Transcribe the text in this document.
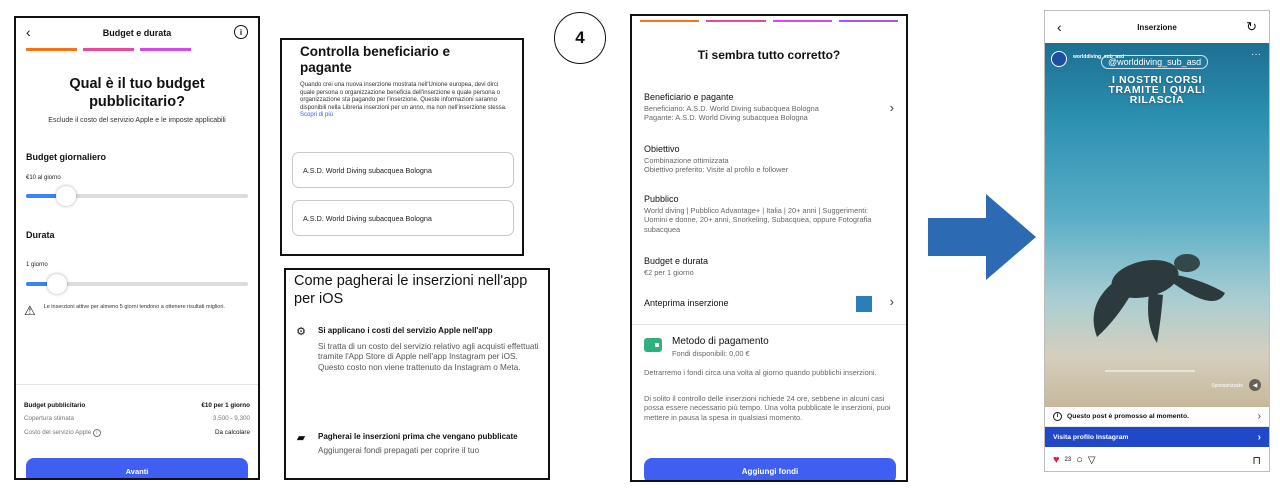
‹	Budget e durata	i
Qual è il tuo budget pubblicitario?
Esclude il costo del servizio Apple e le imposte applicabili
Budget giornaliero
€10 al giorno
Durata
1 giorno
⚠ Le inserzioni attive per almeno 5 giorni tendono a ottenere risultati migliori.
Budget pubblicitario	€10 per 1 giorno
Copertura stimata	3,500 - 9,300
Costo del servizio Apple i	Da calcolare
Avanti
Controlla beneficiario e pagante
Quando crei una nuova inserzione mostrata nell'Unione europea, devi dirci quale persona o organizzazione beneficia dell'inserzione e quale persona o organizzazione sta pagando per l'inserzione. Queste informazioni saranno disponibili nella Libreria inserzioni per un anno, ma non nell'inserzione stessa. Scopri di più
A.S.D. World Diving subacquea Bologna
A.S.D. World Diving subacquea Bologna
Come pagherai le inserzioni nell'app per iOS
⚙ Si applicano i costi del servizio Apple nell'app
Si tratta di un costo del servizio relativo agli acquisti effettuati tramite l'App Store di Apple nell'app Instagram per iOS. Questo costo non viene trattenuto da Instagram o Meta.
▰	Pagherai le inserzioni prima che vengano pubblicate
Aggiungerai fondi prepagati per coprire il tuo
4
Ti sembra tutto corretto?
Beneficiario e pagante
Beneficiario: A.S.D. World Diving subacquea Bologna
Pagante: A.S.D. World Diving subacquea Bologna
›
Obiettivo
Combinazione ottimizzata
Obiettivo preferito: Visite al profilo e follower
Pubblico
World diving | Pubblico Advantage+ | Italia | 20+ anni | Suggerimenti: Uomini e donne, 20+ anni, Snorkeling, Subacquea, oppure Fotografia subacquea
Budget e durata
€2 per 1 giorno
Anteprima inserzione	›
Metodo di pagamento
Fondi disponibili: 0,00 €
Detrarremo i fondi circa una volta al giorno quando pubblichi inserzioni.
Di solito il controllo delle inserzioni richiede 24 ore, sebbene in alcuni casi possa essere necessario più tempo. Una volta pubblicate le inserzioni, puoi mettere in pausa la spesa in qualsiasi momento.
Aggiungi fondi
‹	Inserzione	↻
worlddiving_sub_asd
@worlddiving_sub_asd
···
I NOSTRI CORSI
TRAMITE I QUALI
RILASCIA
Sponsorizzato	◀
i	Questo post è promosso al momento.	›
Visita profilo Instagram	›
♥ 23 ○ ▽	⊓
